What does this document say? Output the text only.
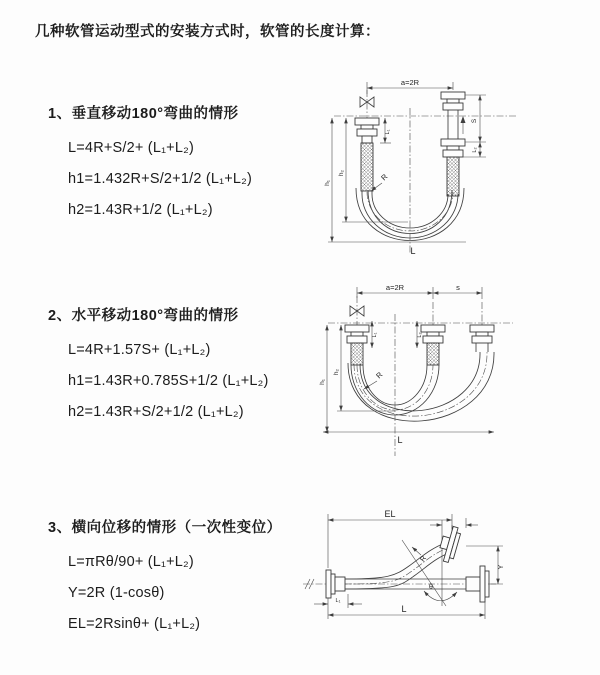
几种软管运动型式的安装方式时，软管的长度计算：
1、垂直移动180°弯曲的情形
L=4R+S/2+ (L₁+L₂)
h1=1.432R+S/2+1/2 (L₁+L₂)
h2=1.43R+1/2 (L₁+L₂)
2、水平移动180°弯曲的情形
L=4R+1.57S+ (L₁+L₂)
h1=1.43R+0.785S+1/2 (L₁+L₂)
h2=1.43R+S/2+1/2 (L₁+L₂)
3、横向位移的情形（一次性变位）
L=πRθ/90+ (L₁+L₂)
Y=2R (1-cosθ)
EL=2Rsinθ+ (L₁+L₂)
a=2R
h₂
h₁
L₁
S
L₂
R
L
a=2R	s
h₂
h₁
L
L₁	L₂
R
EL
Y
L
L₁
θ
R
